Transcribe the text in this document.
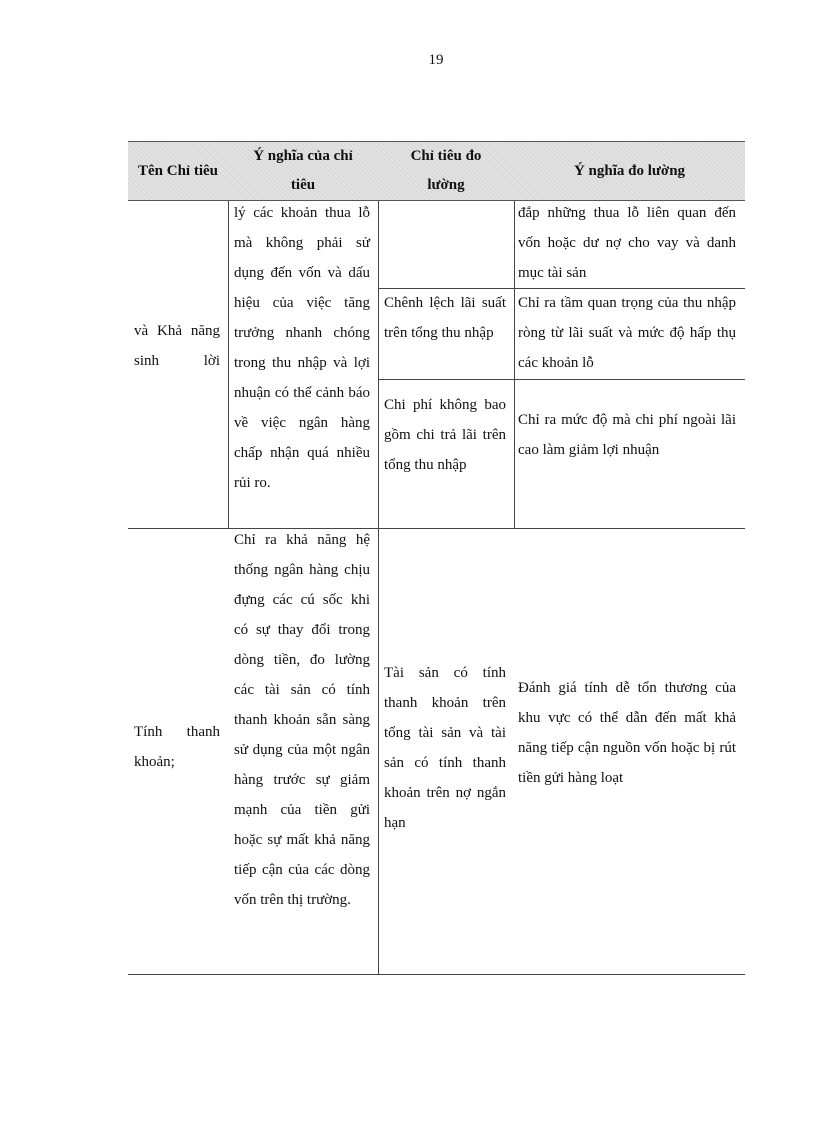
19
Tên Chỉ tiêu
Ý nghĩa của chỉ tiêu
Chỉ tiêu đo lường
Ý nghĩa đo lường
và Khả năng sinh lời
lý các khoản thua lỗ mà không phải sử dụng đến vốn và dấu hiệu của việc tăng trưởng nhanh chóng trong thu nhập và lợi nhuận có thể cảnh báo về việc ngân hàng chấp nhận quá nhiều rủi ro.
đắp những thua lỗ liên quan đến vốn hoặc dư nợ cho vay và danh mục tài sản
Chênh lệch lãi suất trên tổng thu nhập
Chỉ ra tầm quan trọng của thu nhập ròng từ lãi suất và mức độ hấp thụ các khoản lỗ
Chi phí không bao gồm chi trả lãi trên tổng thu nhập
Chỉ ra mức độ mà chi phí ngoài lãi cao làm giảm lợi nhuận
Tính thanh khoản;
Chỉ ra khả năng hệ thống ngân hàng chịu đựng các cú sốc khi có sự thay đổi trong dòng tiền, đo lường các tài sản có tính thanh khoản sẵn sàng sử dụng của một ngân hàng trước sự giảm mạnh của tiền gửi hoặc sự mất khả năng tiếp cận của các dòng vốn trên thị trường.
Tài sản có tính thanh khoản trên tổng tài sản và tài sản có tính thanh khoản trên nợ ngắn hạn
Đánh giá tính dễ tổn thương của khu vực có thể dẫn đến mất khả năng tiếp cận nguồn vốn hoặc bị rút tiền gửi hàng loạt
